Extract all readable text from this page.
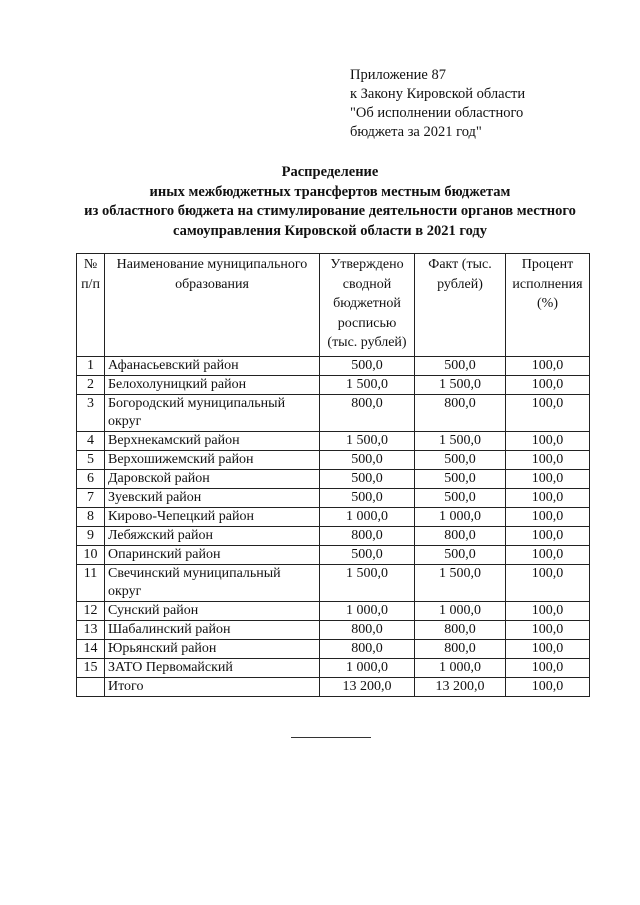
Приложение 87
к Закону Кировской области
"Об исполнении областного
бюджета за 2021 год"
Распределение
иных межбюджетных трансфертов местным бюджетам
из областного бюджета на стимулирование деятельности органов местного
самоуправления Кировской области в 2021 году
№ п/п	Наименование муниципального образования	Утверждено сводной бюджетной росписью (тыс. рублей)	Факт (тыс. рублей)	Процент исполнения (%)
1	Афанасьевский район	500,0	500,0	100,0
2	Белохолуницкий район	1 500,0	1 500,0	100,0
3	Богородский муниципальный округ	800,0	800,0	100,0
4	Верхнекамский район	1 500,0	1 500,0	100,0
5	Верхошижемский район	500,0	500,0	100,0
6	Даровской район	500,0	500,0	100,0
7	Зуевский район	500,0	500,0	100,0
8	Кирово-Чепецкий район	1 000,0	1 000,0	100,0
9	Лебяжский район	800,0	800,0	100,0
10	Опаринский район	500,0	500,0	100,0
11	Свечинский муниципальный округ	1 500,0	1 500,0	100,0
12	Сунский район	1 000,0	1 000,0	100,0
13	Шабалинский район	800,0	800,0	100,0
14	Юрьянский район	800,0	800,0	100,0
15	ЗАТО Первомайский	1 000,0	1 000,0	100,0
	Итого	13 200,0	13 200,0	100,0
